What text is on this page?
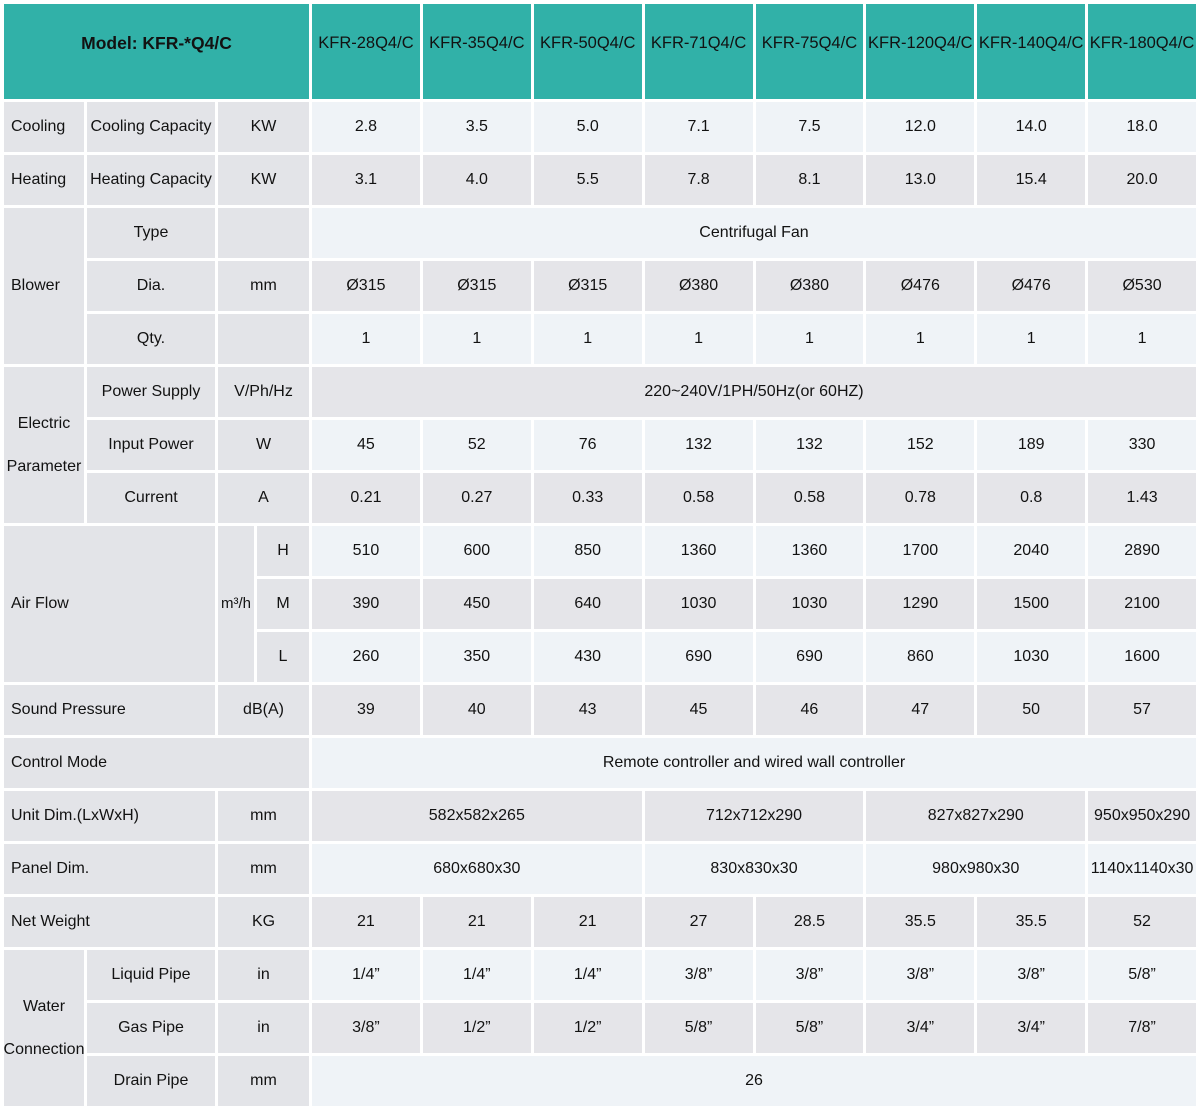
Model: KFR-*Q4/C	KFR-28Q4/C KFR-35Q4/C KFR-50Q4/C KFR-71Q4/C KFR-75Q4/C KFR-120Q4/C KFR-140Q4/C KFR-180Q4/C
Cooling	Cooling Capacity	KW	2.8	3.5	5.0	7.1	7.5	12.0	14.0	18.0
Heating	Heating Capacity	KW	3.1	4.0	5.5	7.8	8.1	13.0	15.4	20.0
Blower
Type	Centrifugal Fan
Dia.	mm	Ø315	Ø315	Ø315	Ø380	Ø380	Ø476	Ø476	Ø530
Qty.	1	1	1	1	1	1	1	1
Electric Parameter
Power Supply	V/Ph/Hz	220~240V/1PH/50Hz(or 60HZ)
Input Power	W	45	52	76	132	132	152	189	330
Current	A	0.21	0.27	0.33	0.58	0.58	0.78	0.8	1.43
Air Flow	m³/h
H	510	600	850	1360	1360	1700	2040	2890
M	390	450	640	1030	1030	1290	1500	2100
L	260	350	430	690	690	860	1030	1600
Sound Pressure	dB(A)	39	40	43	45	46	47	50	57
Control Mode	Remote controller and wired wall controller
Unit Dim.(LxWxH)	mm	582x582x265	712x712x290	827x827x290	950x950x290
Panel Dim.	mm	680x680x30	830x830x30	980x980x30	1140x1140x30
Net Weight	KG	21	21	21	27	28.5	35.5	35.5	52
Water Connection
Liquid Pipe	in	1/4”	1/4”	1/4”	3/8”	3/8”	3/8”	3/8”	5/8”
Gas Pipe	in	3/8”	1/2”	1/2”	5/8”	5/8”	3/4”	3/4”	7/8”
Drain Pipe	mm	26
